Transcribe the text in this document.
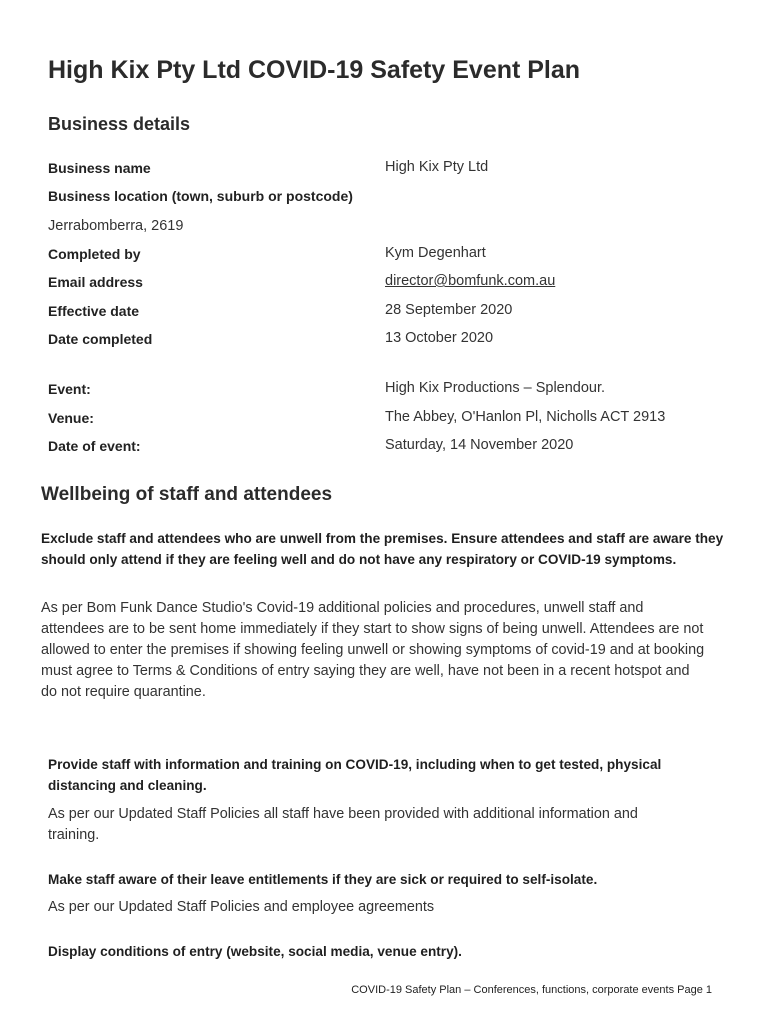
High Kix Pty Ltd COVID-19 Safety Event Plan
Business details
Business name	High Kix Pty Ltd
Business location (town, suburb or postcode)
Jerrabomberra, 2619
Completed by	Kym Degenhart
Email address	director@bomfunk.com.au
Effective date	28 September 2020
Date completed	13 October 2020
Event:	High Kix Productions – Splendour.
Venue:	The Abbey, O'Hanlon Pl, Nicholls ACT 2913
Date of event:	Saturday, 14 November 2020
Wellbeing of staff and attendees
Exclude staff and attendees who are unwell from the premises. Ensure attendees and staff are aware they should only attend if they are feeling well and do not have any respiratory or COVID-19 symptoms.
As per Bom Funk Dance Studio's Covid-19 additional policies and procedures, unwell staff and attendees are to be sent home immediately if they start to show signs of being unwell. Attendees are not allowed to enter the premises if showing feeling unwell or showing symptoms of covid-19 and at booking must agree to Terms & Conditions of entry saying they are well, have not been in a recent hotspot and do not require quarantine.
Provide staff with information and training on COVID-19, including when to get tested, physical distancing and cleaning.
As per our Updated Staff Policies all staff have been provided with additional information and training.
Make staff aware of their leave entitlements if they are sick or required to self-isolate.
As per our Updated Staff Policies and employee agreements
Display conditions of entry (website, social media, venue entry).
COVID-19 Safety Plan – Conferences, functions, corporate events Page 1
